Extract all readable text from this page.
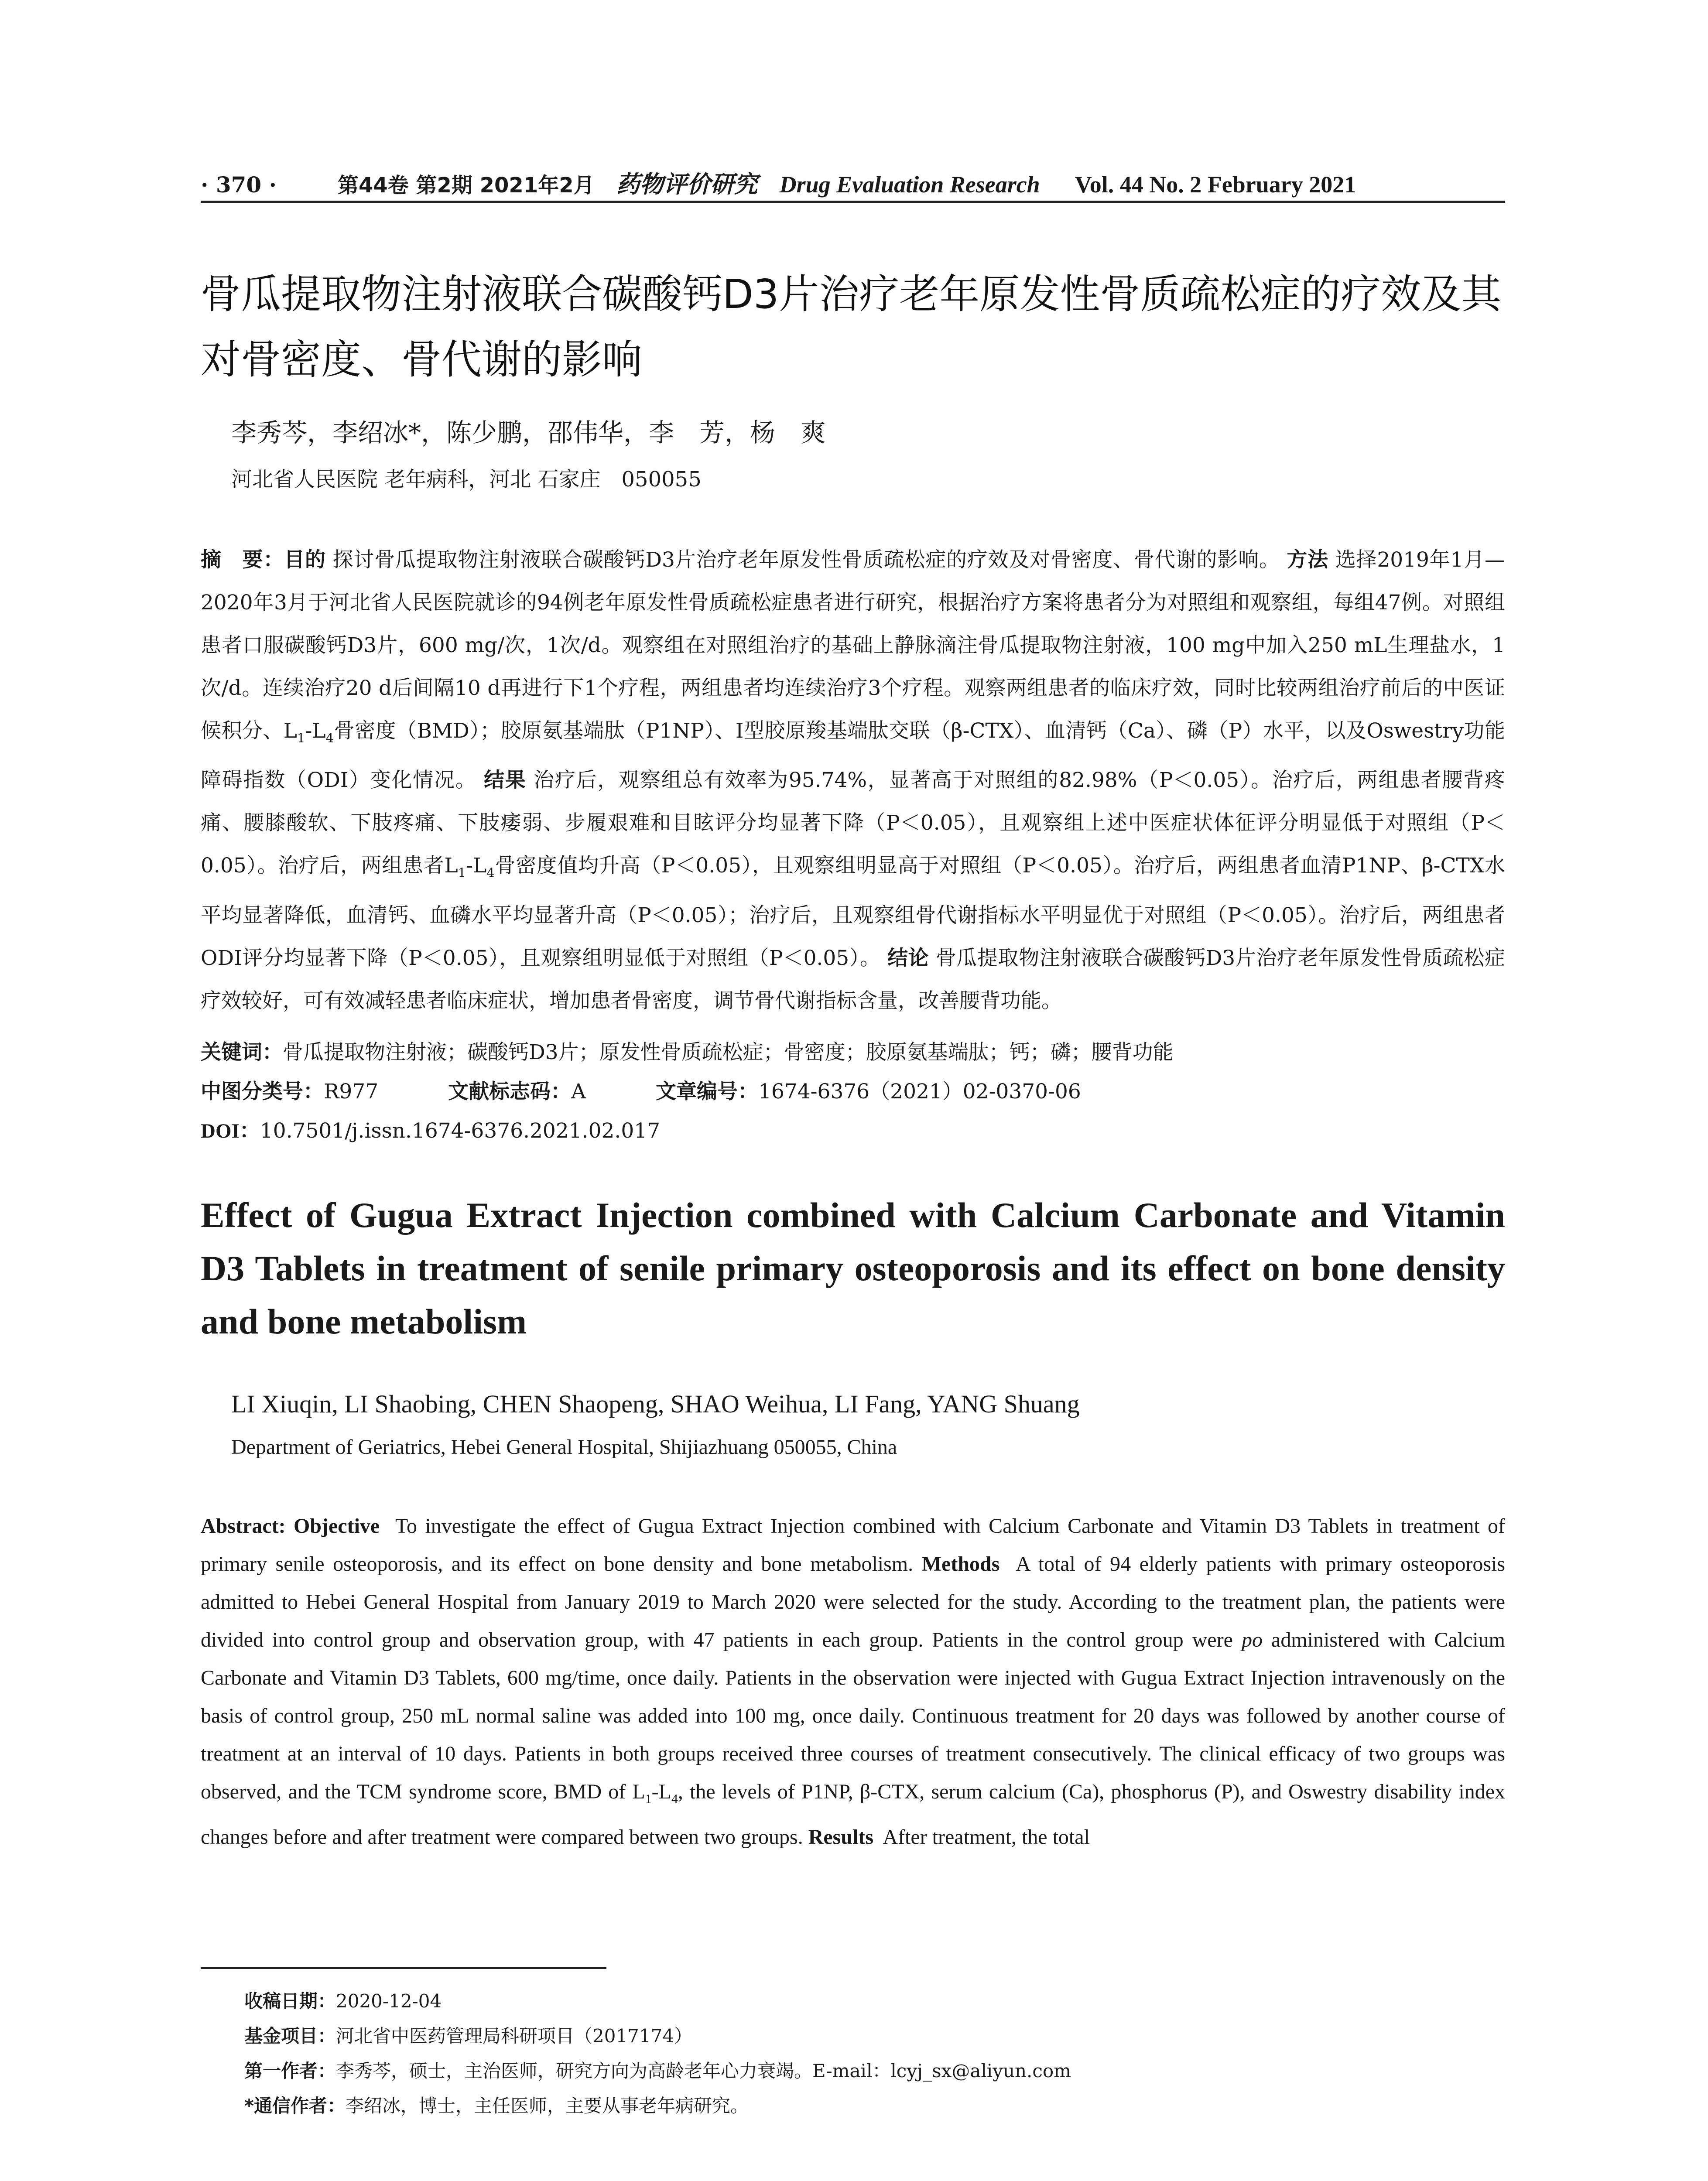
· 370 ·	第44卷 第2期 2021年2月 药物评价研究 Drug Evaluation Research Vol. 44 No. 2 February 2021
骨瓜提取物注射液联合碳酸钙D3片治疗老年原发性骨质疏松症的疗效及其对骨密度、骨代谢的影响
李秀芩，李绍冰*，陈少鹏，邵伟华，李　芳，杨　爽
河北省人民医院 老年病科，河北 石家庄　050055
摘　要：目的 探讨骨瓜提取物注射液联合碳酸钙D3片治疗老年原发性骨质疏松症的疗效及对骨密度、骨代谢的影响。 方法 选择2019年1月—2020年3月于河北省人民医院就诊的94例老年原发性骨质疏松症患者进行研究，根据治疗方案将患者分为对照组和观察组，每组47例。对照组患者口服碳酸钙D3片，600 mg/次，1次/d。观察组在对照组治疗的基础上静脉滴注骨瓜提取物注射液，100 mg中加入250 mL生理盐水，1次/d。连续治疗20 d后间隔10 d再进行下1个疗程，两组患者均连续治疗3个疗程。观察两组患者的临床疗效，同时比较两组治疗前后的中医证候积分、$L_1-L_4$骨密度（BMD）；胶原氨基端肽（P1NP）、I型胶原羧基端肽交联（β-CTX）、血清钙（Ca）、磷（P）水平，以及Oswestry功能障碍指数（ODI）变化情况。 结果 治疗后，观察组总有效率为95.74%，显著高于对照组的82.98%（P＜0.05）。治疗后，两组患者腰背疼痛、腰膝酸软、下肢疼痛、下肢痿弱、步履艰难和目眩评分均显著下降（P＜0.05），且观察组上述中医症状体征评分明显低于对照组（P＜0.05）。治疗后，两组患者$L_1-L_4$骨密度值均升高（P＜0.05），且观察组明显高于对照组（P＜0.05）。治疗后，两组患者血清P1NP、β-CTX水平均显著降低，血清钙、血磷水平均显著升高（P＜0.05）；治疗后，且观察组骨代谢指标水平明显优于对照组（P＜0.05）。治疗后，两组患者ODI评分均显著下降（P＜0.05），且观察组明显低于对照组（P＜0.05）。 结论 骨瓜提取物注射液联合碳酸钙D3片治疗老年原发性骨质疏松症疗效较好，可有效减轻患者临床症状，增加患者骨密度，调节骨代谢指标含量，改善腰背功能。
关键词：骨瓜提取物注射液；碳酸钙D3片；原发性骨质疏松症；骨密度；胶原氨基端肽；钙；磷；腰背功能
中图分类号：R977	文献标志码：A	文章编号：1674-6376（2021）02-0370-06
DOI：10.7501/j.issn.1674-6376.2021.02.017
Effect of Gugua Extract Injection combined with Calcium Carbonate and Vitamin D3 Tablets in treatment of senile primary osteoporosis and its effect on bone density and bone metabolism
LI Xiuqin, LI Shaobing, CHEN Shaopeng, SHAO Weihua, LI Fang, YANG Shuang
Department of Geriatrics, Hebei General Hospital, Shijiazhuang 050055, China
Abstract: Objective To investigate the effect of Gugua Extract Injection combined with Calcium Carbonate and Vitamin D3 Tablets in treatment of primary senile osteoporosis, and its effect on bone density and bone metabolism. Methods A total of 94 elderly patients with primary osteoporosis admitted to Hebei General Hospital from January 2019 to March 2020 were selected for the study. According to the treatment plan, the patients were divided into control group and observation group, with 47 patients in each group. Patients in the control group were po administered with Calcium Carbonate and Vitamin D3 Tablets, 600 mg/time, once daily. Patients in the observation were injected with Gugua Extract Injection intravenously on the basis of control group, 250 mL normal saline was added into 100 mg, once daily. Continuous treatment for 20 days was followed by another course of treatment at an interval of 10 days. Patients in both groups received three courses of treatment consecutively. The clinical efficacy of two groups was observed, and the TCM syndrome score, BMD of $L_1-L_4$, the levels of P1NP, β-CTX, serum calcium (Ca), phosphorus (P), and Oswestry disability index changes before and after treatment were compared between two groups. Results After treatment, the total
收稿日期：2020-12-04
基金项目：河北省中医药管理局科研项目（2017174）
第一作者：李秀芩，硕士，主治医师，研究方向为高龄老年心力衰竭。E-mail：lcyj_sx@aliyun.com
*通信作者：李绍冰，博士，主任医师，主要从事老年病研究。
